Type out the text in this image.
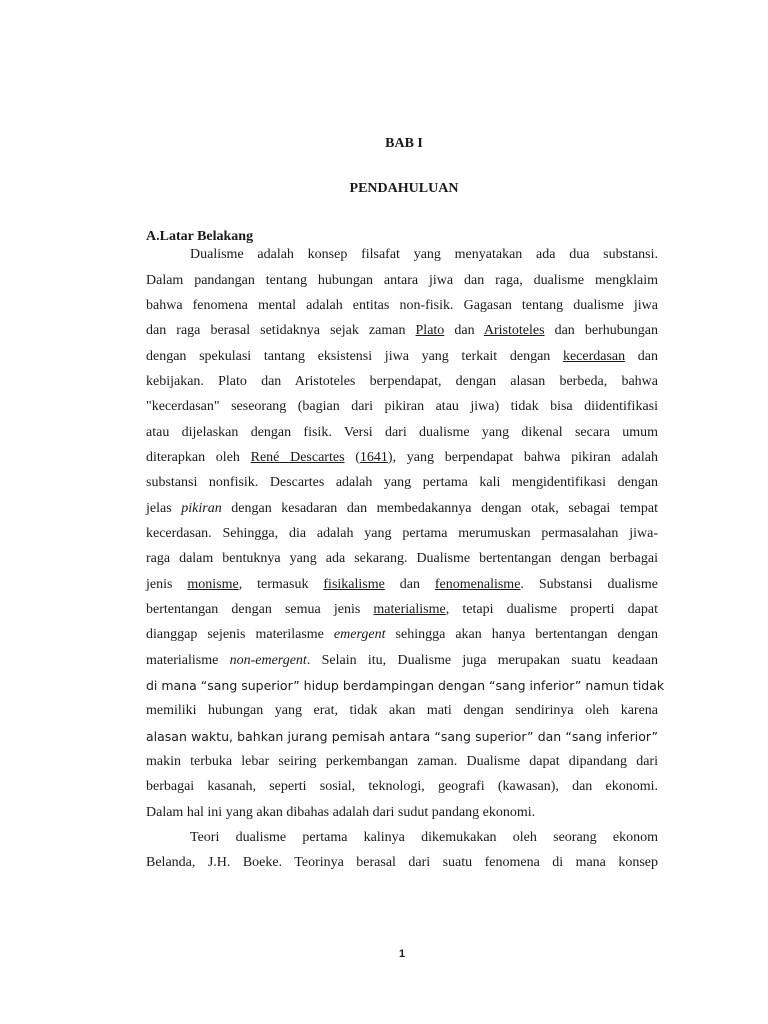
BAB I
PENDAHULUAN
A.Latar Belakang
Dualisme adalah konsep filsafat yang menyatakan ada dua substansi.
Dalam pandangan tentang hubungan antara jiwa dan raga, dualisme mengklaim
bahwa fenomena mental adalah entitas non-fisik. Gagasan tentang dualisme jiwa
dan raga berasal setidaknya sejak zaman Plato dan Aristoteles dan berhubungan
dengan spekulasi tantang eksistensi jiwa yang terkait dengan kecerdasan dan
kebijakan. Plato dan Aristoteles berpendapat, dengan alasan berbeda, bahwa
"kecerdasan" seseorang (bagian dari pikiran atau jiwa) tidak bisa diidentifikasi
atau dijelaskan dengan fisik. Versi dari dualisme yang dikenal secara umum
diterapkan oleh René Descartes (1641), yang berpendapat bahwa pikiran adalah
substansi nonfisik. Descartes adalah yang pertama kali mengidentifikasi dengan
jelas pikiran dengan kesadaran dan membedakannya dengan otak, sebagai tempat
kecerdasan. Sehingga, dia adalah yang pertama merumuskan permasalahan jiwa-
raga dalam bentuknya yang ada sekarang. Dualisme bertentangan dengan berbagai
jenis monisme, termasuk fisikalisme dan fenomenalisme. Substansi dualisme
bertentangan dengan semua jenis materialisme, tetapi dualisme properti dapat
dianggap sejenis materilasme emergent sehingga akan hanya bertentangan dengan
materialisme non-emergent. Selain itu, Dualisme juga merupakan suatu keadaan
di mana “sang superior” hidup berdampingan dengan “sang inferior” namun tidak
memiliki hubungan yang erat, tidak akan mati dengan sendirinya oleh karena
alasan waktu, bahkan jurang pemisah antara “sang superior” dan “sang inferior”
makin terbuka lebar seiring perkembangan zaman. Dualisme dapat dipandang dari
berbagai kasanah, seperti sosial, teknologi, geografi (kawasan), dan ekonomi.
Dalam hal ini yang akan dibahas adalah dari sudut pandang ekonomi.
Teori dualisme pertama kalinya dikemukakan oleh seorang ekonom
Belanda, J.H. Boeke. Teorinya berasal dari suatu fenomena di mana konsep
1
